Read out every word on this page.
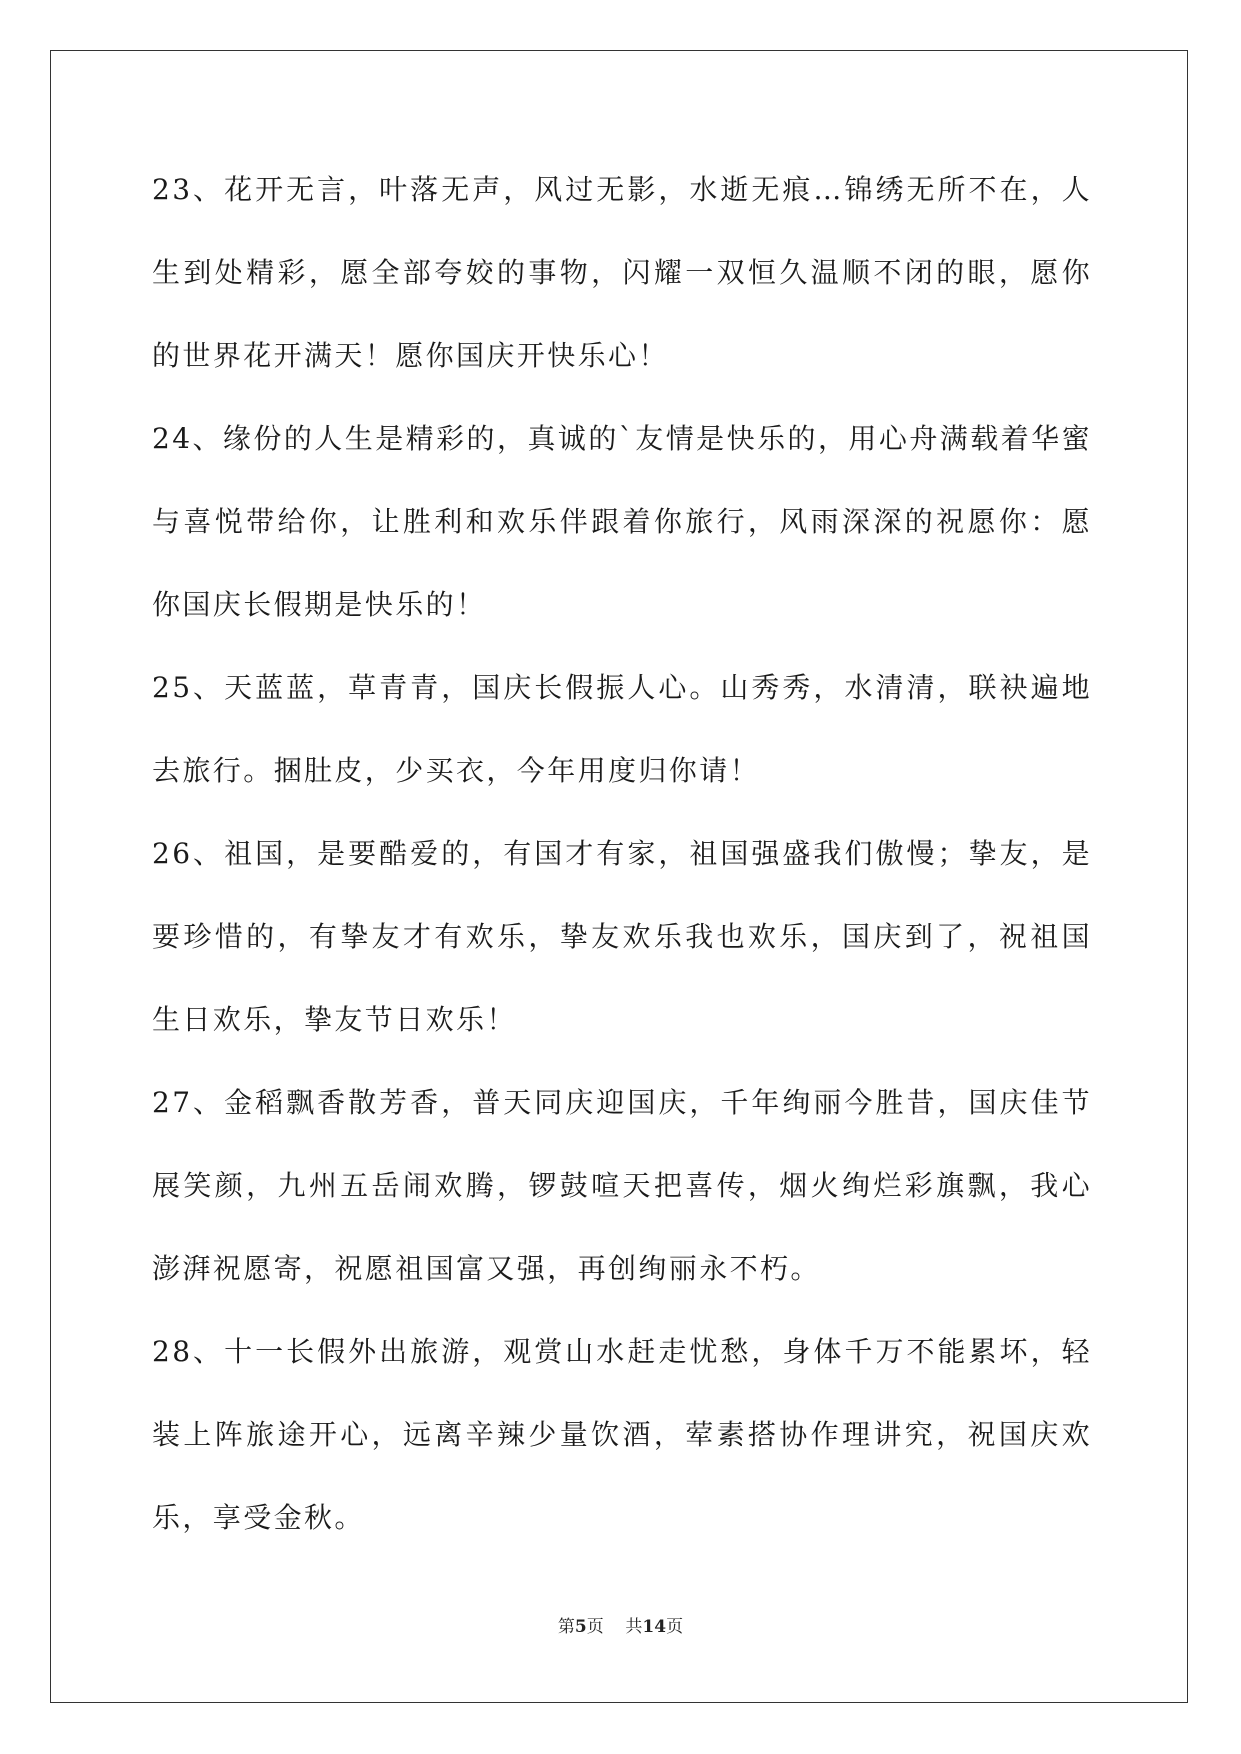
23、花开无言，叶落无声，风过无影，水逝无痕…锦绣无所不在，人生到处精彩，愿全部夸姣的事物，闪耀一双恒久温顺不闭的眼，愿你的世界花开满天！愿你国庆开快乐心！

24、缘份的人生是精彩的，真诚的`友情是快乐的，用心舟满载着华蜜与喜悦带给你，让胜利和欢乐伴跟着你旅行，风雨深深的祝愿你：愿你国庆长假期是快乐的！

25、天蓝蓝，草青青，国庆长假振人心。山秀秀，水清清，联袂遍地去旅行。捆肚皮，少买衣，今年用度归你请！

26、祖国，是要酷爱的，有国才有家，祖国强盛我们傲慢；挚友，是要珍惜的，有挚友才有欢乐，挚友欢乐我也欢乐，国庆到了，祝祖国生日欢乐，挚友节日欢乐！

27、金稻飘香散芳香，普天同庆迎国庆，千年绚丽今胜昔，国庆佳节展笑颜，九州五岳闹欢腾，锣鼓喧天把喜传，烟火绚烂彩旗飘，我心澎湃祝愿寄，祝愿祖国富又强，再创绚丽永不朽。

28、十一长假外出旅游，观赏山水赶走忧愁，身体千万不能累坏，轻装上阵旅途开心，远离辛辣少量饮酒，荤素搭协作理讲究，祝国庆欢乐，享受金秋。

第5页    共14页
